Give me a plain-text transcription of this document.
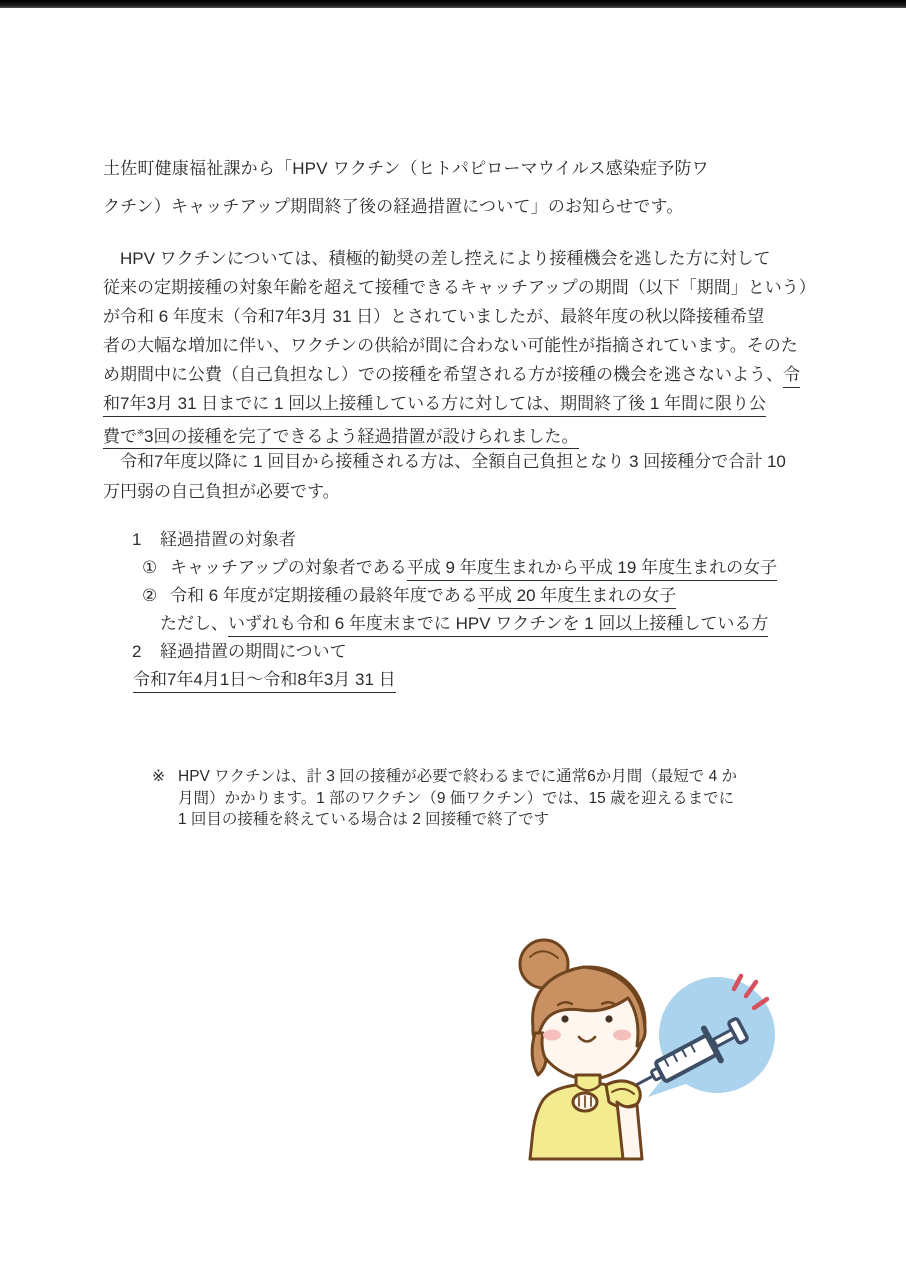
土佐町健康福祉課から「HPV ワクチン（ヒトパピローマウイルス感染症予防ワ
クチン）キャッチアップ期間終了後の経過措置について」のお知らせです。
　HPV ワクチンについては、積極的勧奨の差し控えにより接種機会を逃した方に対して
従来の定期接種の対象年齢を超えて接種できるキャッチアップの期間（以下「期間」という）
が令和 6 年度末（令和7年3月 31 日）とされていましたが、最終年度の秋以降接種希望
者の大幅な増加に伴い、ワクチンの供給が間に合わない可能性が指摘されています。そのた
め期間中に公費（自己負担なし）での接種を希望される方が接種の機会を逃さないよう、令
和7年3月 31 日までに 1 回以上接種している方に対しては、期間終了後 1 年間に限り公
費で※3回の接種を完了できるよう経過措置が設けられました。
　令和7年度以降に 1 回目から接種される方は、全額自己負担となり 3 回接種分で合計 10
万円弱の自己負担が必要です。
1	経過措置の対象者
① キャッチアップの対象者である平成 9 年度生まれから平成 19 年度生まれの女子
② 令和 6 年度が定期接種の最終年度である平成 20 年度生まれの女子
ただし、いずれも令和 6 年度末までに HPV ワクチンを 1 回以上接種している方
2	経過措置の期間について
令和7年4月1日～令和8年3月 31 日
※ HPV ワクチンは、計 3 回の接種が必要で終わるまでに通常6か月間（最短で 4 か
月間）かかります。1 部のワクチン（9 価ワクチン）では、15 歳を迎えるまでに
1 回目の接種を終えている場合は 2 回接種で終了です
